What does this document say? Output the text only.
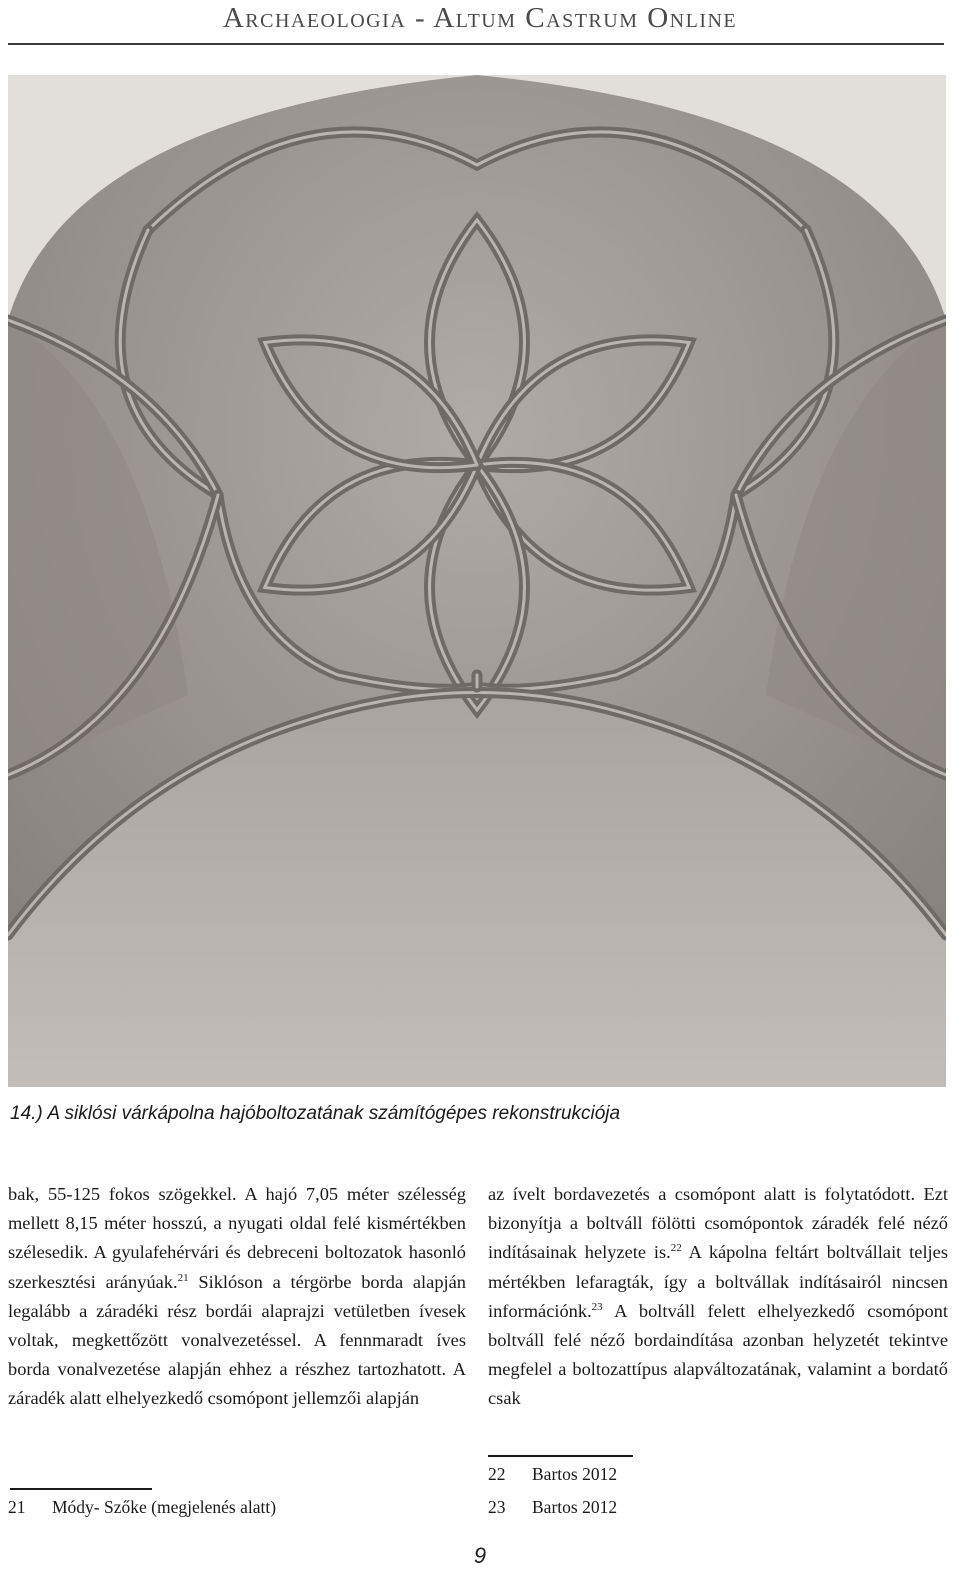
Archaeologia - Altum Castrum Online
14.) A siklósi várkápolna hajóboltozatának számítógépes rekonstrukciója

bak, 55-125 fokos szögekkel. A hajó 7,05 méter szélesség mellett 8,15 méter hosszú, a nyugati oldal felé kismértékben szélesedik. A gyulafehérvári és debreceni boltozatok hasonló szerkesztési arányúak.$^{21}$ Siklóson a térgörbe borda alapján legalább a záradéki rész bordái alaprajzi vetületben ívesek voltak, megkettőzött vonalvezetéssel. A fennmaradt íves borda vonalvezetése alapján ehhez a részhez tartozhatott. A záradék alatt elhelyezkedő csomópont jellemzői alapján

az ívelt bordavezetés a csomópont alatt is folytatódott. Ezt bizonyítja a boltváll fölötti csomópontok záradék felé néző indításainak helyzete is.$^{22}$ A kápolna feltárt boltvállait teljes mértékben lefaragták, így a boltvállak indításairól nincsen információnk.$^{23}$ A boltváll felett elhelyezkedő csomópont boltváll felé néző bordaindítása azonban helyzetét tekintve megfelel a boltozattípus alapváltozatának, valamint a bordatő csak

21 Módy- Szőke (megjelenés alatt)
22 Bartos 2012
23 Bartos 2012
9
